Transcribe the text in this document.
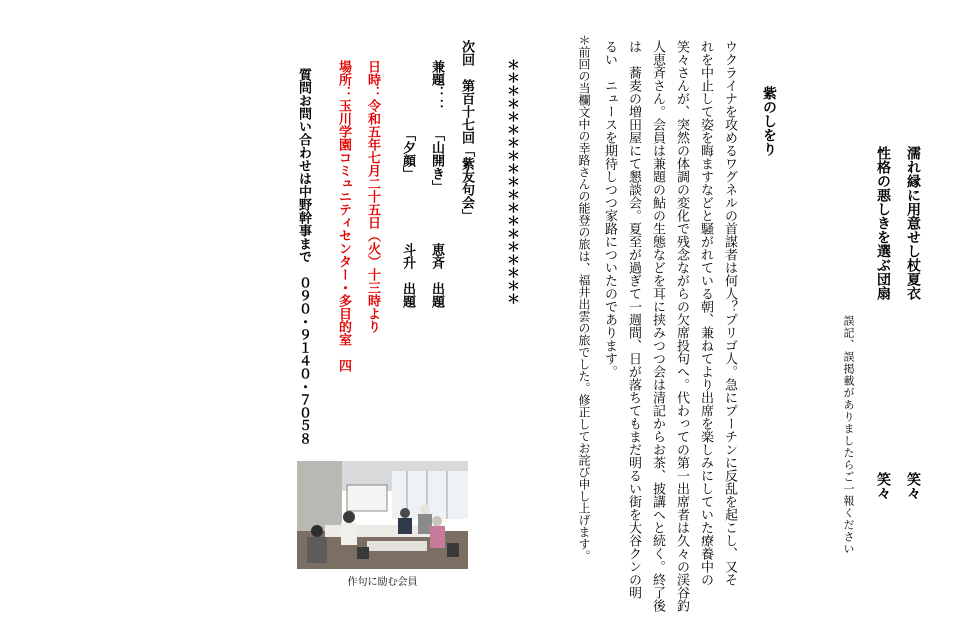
濡れ縁に用意せし杖夏衣
笑々
性格の悪しきを選ぶ団扇
笑々
誤記、誤掲載がありましたらご一報ください
紫のしをり
ウクライナを攻めるワグネルの首謀者は何人？プリゴ人。急にプーチンに反乱を起こし、又そ
れを中止して姿を晦ますなどと騒がれている朝、兼ねてより出席を楽しみにしていた療養中の
笑々さんが、突然の体調の変化で残念ながらの欠席投句へ。代わっての第一出席者は久々の渓谷釣
人恵斉さん。会員は兼題の鮎の生態などを耳に挟みつつ会は清記からお茶、披講へと続く。終了後
は　蕎麦の増田屋にて懇談会。夏至が過ぎて一週間、日が落ちてもまだ明るい街を大谷クンの明
るい　ニュースを期待しつつ家路についたのであります。
＊前回の当欄文中の幸路さんの能登の旅は、福井出雲の旅でした。修正してお詫び申し上げます。
＊＊＊＊＊＊＊＊＊＊＊＊＊＊＊＊＊＊＊
次回　第百十七回「紫友句会」
兼題：：
「山開き」
恵斉　出題
「夕顔」
斗升　出題
日時：令和五年七月二十五日（火）十三時より
場所：玉川学園コミュニティセンター・多目的室　四
質問お問い合わせは中野幹事まで　０９０・９１４０・７０５８
作句に励む会員
